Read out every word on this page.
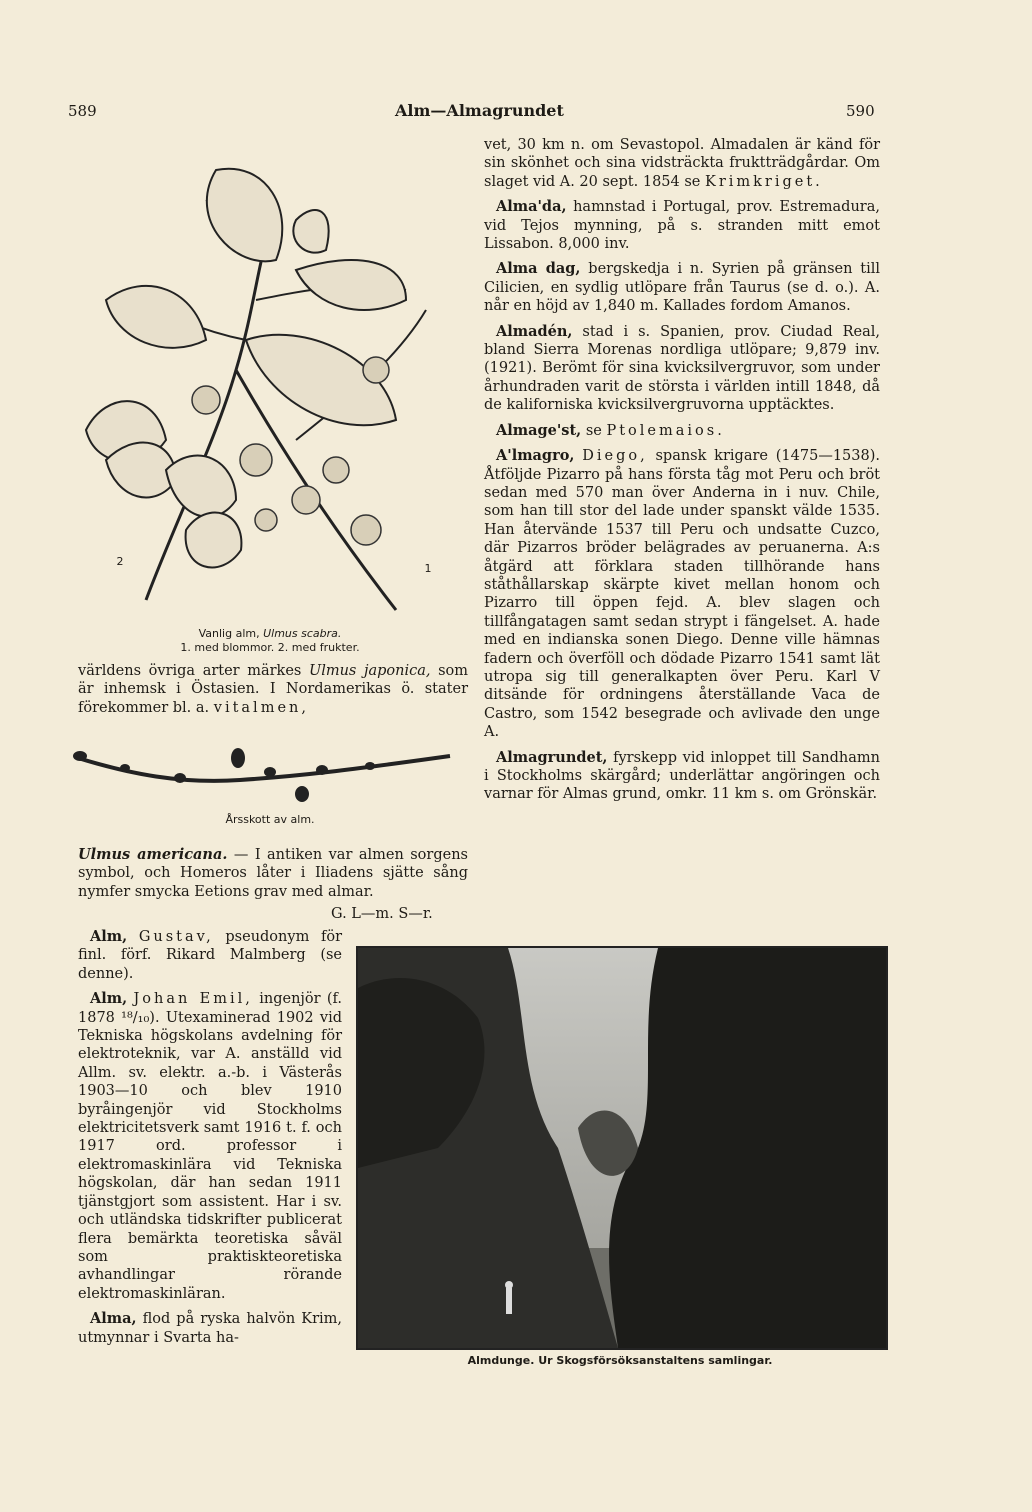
589	Alm—Almagrundet	590
2
1
Vanlig alm, Ulmus scabra.
1. med blommor. 2. med frukter.

världens övriga arter märkes Ulmus japonica, som är inhemsk i Östasien. I Nordamerikas ö. stater förekommer bl. a. vitalmen,

Årsskott av alm.

Ulmus americana. — I antiken var almen sorgens symbol, och Homeros låter i Iliadens sjätte sång nymfer smycka Eetions grav med almar.

G. L—m. S—r.

Alm, Gustav, pseudonym för finl. förf. Rikard Malmberg (se denne).

Alm, Johan Emil, ingenjör (f. 1878 ¹⁸/₁₀). Utexaminerad 1902 vid Tekniska högskolans avdelning för elektroteknik, var A. anställd vid Allm. sv. elektr. a.-b. i Västerås 1903—10 och blev 1910 byråingenjör vid Stockholms elektricitetsverk samt 1916 t. f. och 1917 ord. professor i elektromaskinlära vid Tekniska högskolan, där han sedan 1911 tjänstgjort som assistent. Har i sv. och utländska tidskrifter publicerat flera bemärkta teoretiska såväl som praktiskteoretiska avhandlingar rörande elektromaskinläran.

Alma, flod på ryska halvön Krim, utmynnar i Svarta ha-

vet, 30 km n. om Sevastopol. Almadalen är känd för sin skönhet och sina vidsträckta fruktträdgårdar. Om slaget vid A. 20 sept. 1854 se Krimkriget.

Alma'da, hamnstad i Portugal, prov. Estremadura, vid Tejos mynning, på s. stranden mitt emot Lissabon. 8,000 inv.

Alma dag, bergskedja i n. Syrien på gränsen till Cilicien, en sydlig utlöpare från Taurus (se d. o.). A. når en höjd av 1,840 m. Kallades fordom Amanos.

Almadén, stad i s. Spanien, prov. Ciudad Real, bland Sierra Morenas nordliga utlöpare; 9,879 inv. (1921). Berömt för sina kvicksilvergruvor, som under århundraden varit de största i världen intill 1848, då de kaliforniska kvicksilvergruvorna upptäcktes.

Almage'st, se Ptolemaios.

A'lmagro, Diego, spansk krigare (1475—1538). Åtföljde Pizarro på hans första tåg mot Peru och bröt sedan med 570 man över Anderna in i nuv. Chile, som han till stor del lade under spanskt välde 1535. Han återvände 1537 till Peru och undsatte Cuzco, där Pizarros bröder belägrades av peruanerna. A:s åtgärd att förklara staden tillhörande hans ståthållarskap skärpte kivet mellan honom och Pizarro till öppen fejd. A. blev slagen och tillfångatagen samt sedan strypt i fängelset. A. hade med en indianska sonen Diego. Denne ville hämnas fadern och överföll och dödade Pizarro 1541 samt lät utropa sig till generalkapten över Peru. Karl V ditsände för ordningens återställande Vaca de Castro, som 1542 besegrade och avlivade den unge A.

Almagrundet, fyrskepp vid inloppet till Sandhamn i Stockholms skärgård; underlättar angöringen och varnar för Almas grund, omkr. 11 km s. om Grönskär.

Almdunge. Ur Skogsförsöksanstaltens samlingar.
